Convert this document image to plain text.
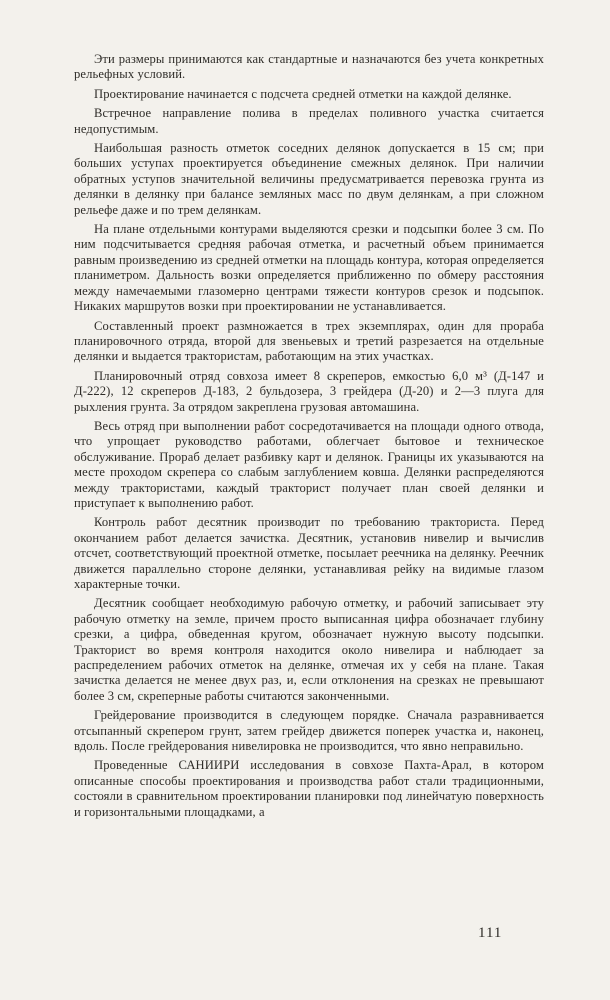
Эти размеры принимаются как стандартные и назначаются без учета конкретных рельефных условий.

Проектирование начинается с подсчета средней отметки на каждой делянке.

Встречное направление полива в пределах поливного участка считается недопустимым.

Наибольшая разность отметок соседних делянок допускается в 15 см; при больших уступах проектируется объединение смежных делянок. При наличии обратных уступов значительной величины предусматривается перевозка грунта из делянки в делянку при балансе земляных масс по двум делянкам, а при сложном рельефе даже и по трем делянкам.

На плане отдельными контурами выделяются срезки и подсыпки более 3 см. По ним подсчитывается средняя рабочая отметка, и расчетный объем принимается равным произведению из средней отметки на площадь контура, которая определяется планиметром. Дальность возки определяется приближенно по обмеру расстояния между намечаемыми глазомерно центрами тяжести контуров срезок и подсыпок. Никаких маршрутов возки при проектировании не устанавливается.

Составленный проект размножается в трех экземплярах, один для прораба планировочного отряда, второй для звеньевых и третий разрезается на отдельные делянки и выдается трактористам, работающим на этих участках.

Планировочный отряд совхоза имеет 8 скреперов, емкостью 6,0 м³ (Д-147 и Д-222), 12 скреперов Д-183, 2 бульдозера, 3 грейдера (Д-20) и 2—3 плуга для рыхления грунта. За отрядом закреплена грузовая автомашина.

Весь отряд при выполнении работ сосредотачивается на площади одного отвода, что упрощает руководство работами, облегчает бытовое и техническое обслуживание. Прораб делает разбивку карт и делянок. Границы их указываются на месте проходом скрепера со слабым заглублением ковша. Делянки распределяются между трактористами, каждый тракторист получает план своей делянки и приступает к выполнению работ.

Контроль работ десятник производит по требованию тракториста. Перед окончанием работ делается зачистка. Десятник, установив нивелир и вычислив отсчет, соответствующий проектной отметке, посылает реечника на делянку. Реечник движется параллельно стороне делянки, устанавливая рейку на видимые глазом характерные точки.

Десятник сообщает необходимую рабочую отметку, и рабочий записывает эту рабочую отметку на земле, причем просто выписанная цифра обозначает глубину срезки, а цифра, обведенная кругом, обозначает нужную высоту подсыпки. Тракторист во время контроля находится около нивелира и наблюдает за распределением рабочих отметок на делянке, отмечая их у себя на плане. Такая зачистка делается не менее двух раз, и, если отклонения на срезках не превышают более 3 см, скреперные работы считаются законченными.

Грейдерование производится в следующем порядке. Сначала разравнивается отсыпанный скрепером грунт, затем грейдер движется поперек участка и, наконец, вдоль. После грейдерования нивелировка не производится, что явно неправильно.

Проведенные САНИИРИ исследования в совхозе Пахта-Арал, в котором описанные способы проектирования и производства работ стали традиционными, состояли в сравнительном проектировании планировки под линейчатую поверхность и горизонтальными площадками, а

111
